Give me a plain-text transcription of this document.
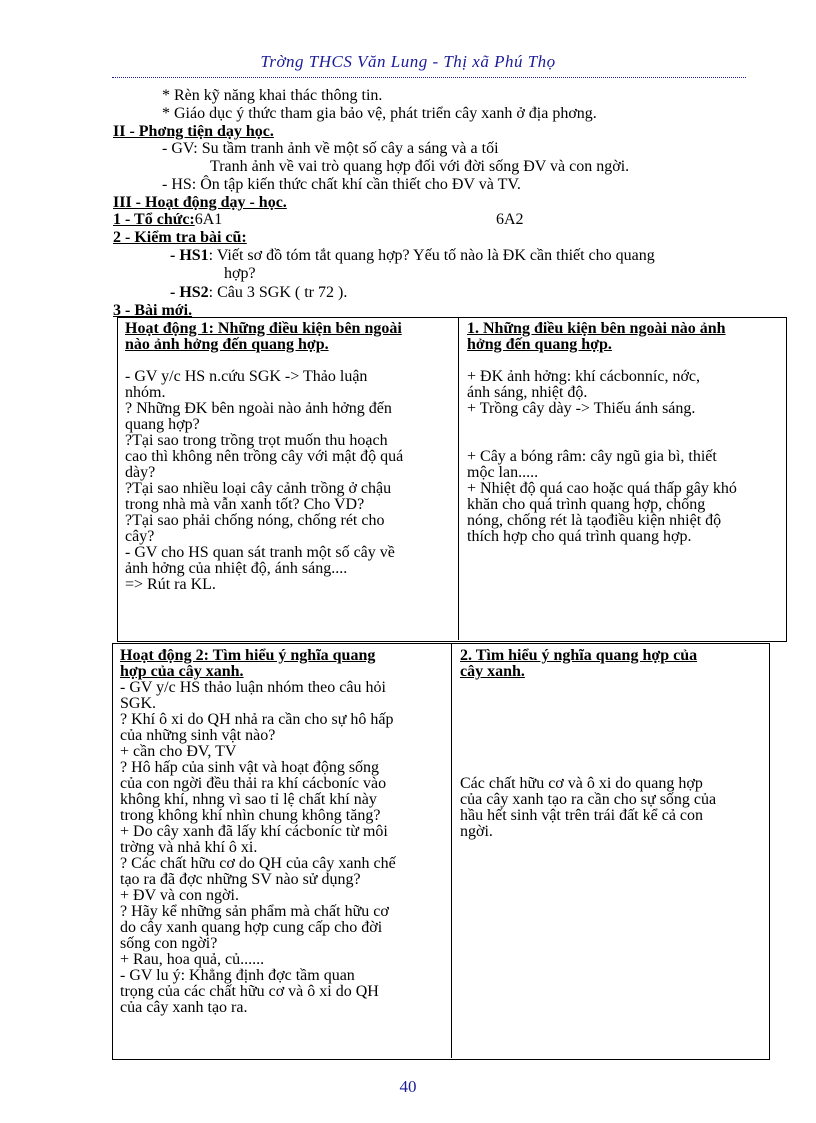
Trờng THCS Văn Lung - Thị xã Phú Thọ
* Rèn kỹ năng khai thác thông tin.
* Giáo dục ý thức tham gia bảo vệ, phát triển cây xanh ở địa phơng.
II - Phơng tiện dạy học.
- GV: Su tầm tranh ảnh về một số cây a sáng và a tối
Tranh ảnh về vai trò quang hợp đối với đời sống ĐV và con ngời.
- HS: Ôn tập kiến thức chất khí cần thiết cho ĐV và TV.
III - Hoạt động dạy - học.
1 - Tổ chức:6A1	6A2
2 - Kiểm tra bài cũ:
- HS1: Viết sơ đồ tóm tắt quang hợp? Yếu tố nào là ĐK cần thiết cho quang
hợp?
- HS2: Câu 3 SGK ( tr 72 ).
3 - Bài mới.
Hoạt động 1: Những điều kiện bên ngoài
nào ảnh hởng đến quang hợp.
- GV y/c HS n.cứu SGK -> Thảo luận
nhóm.
? Những ĐK bên ngoài nào ảnh hởng đến
quang hợp?
?Tại sao trong trồng trọt muốn thu hoạch
cao thì không nên trồng cây với mật độ quá
dày?
?Tại sao nhiều loại cây cảnh trồng ở chậu
trong nhà mà vẫn xanh tốt? Cho VD?
?Tại sao phải chống nóng, chống rét cho
cây?
- GV cho HS quan sát tranh một số cây về
ảnh hởng của nhiệt độ, ánh sáng....
=> Rút ra KL.
1. Những điều kiện bên ngoài nào ảnh
hởng đến quang hợp.
+ ĐK ảnh hởng: khí cácbonníc, nớc,
ánh sáng, nhiệt độ.
+ Trồng cây dày -> Thiếu ánh sáng.
+ Cây a bóng râm: cây ngũ gia bì, thiết
mộc lan.....
+ Nhiệt độ quá cao hoặc quá thấp gây khó
khăn cho quá trình quang hợp, chống
nóng, chống rét là tạođiều kiện nhiệt độ
thích hợp cho quá trình quang hợp.
Hoạt động 2: Tìm hiểu ý nghĩa quang
hợp của cây xanh.
- GV y/c HS thảo luận nhóm theo câu hỏi
SGK.
? Khí ô xi do QH nhả ra cần cho sự hô hấp
của những sinh vật nào?
+ cần cho ĐV, TV
? Hô hấp của sinh vật và hoạt động sống
của con ngời đều thải ra khí cácboníc vào
không khí, nhng vì sao tỉ lệ chất khí này
trong không khí nhìn chung không tăng?
+ Do cây xanh đã lấy khí cácboníc từ môi
trờng và nhả khí ô xi.
? Các chất hữu cơ do QH của cây xanh chế
tạo ra đã đợc những SV nào sử dụng?
+ ĐV và con ngời.
? Hãy kể những sản phẩm mà chất hữu cơ
do cây xanh quang hợp cung cấp cho đời
sống con ngời?
+ Rau, hoa quả, củ......
- GV lu ý: Khẳng định đợc tầm quan
trọng của các chất hữu cơ và ô xi do QH
của cây xanh tạo ra.
2. Tìm hiểu ý nghĩa quang hợp của
cây xanh.
Các chất hữu cơ và ô xi do quang hợp
của cây xanh tạo ra cần cho sự sống của
hầu hết sinh vật trên trái đất kể cả con
ngời.
40
